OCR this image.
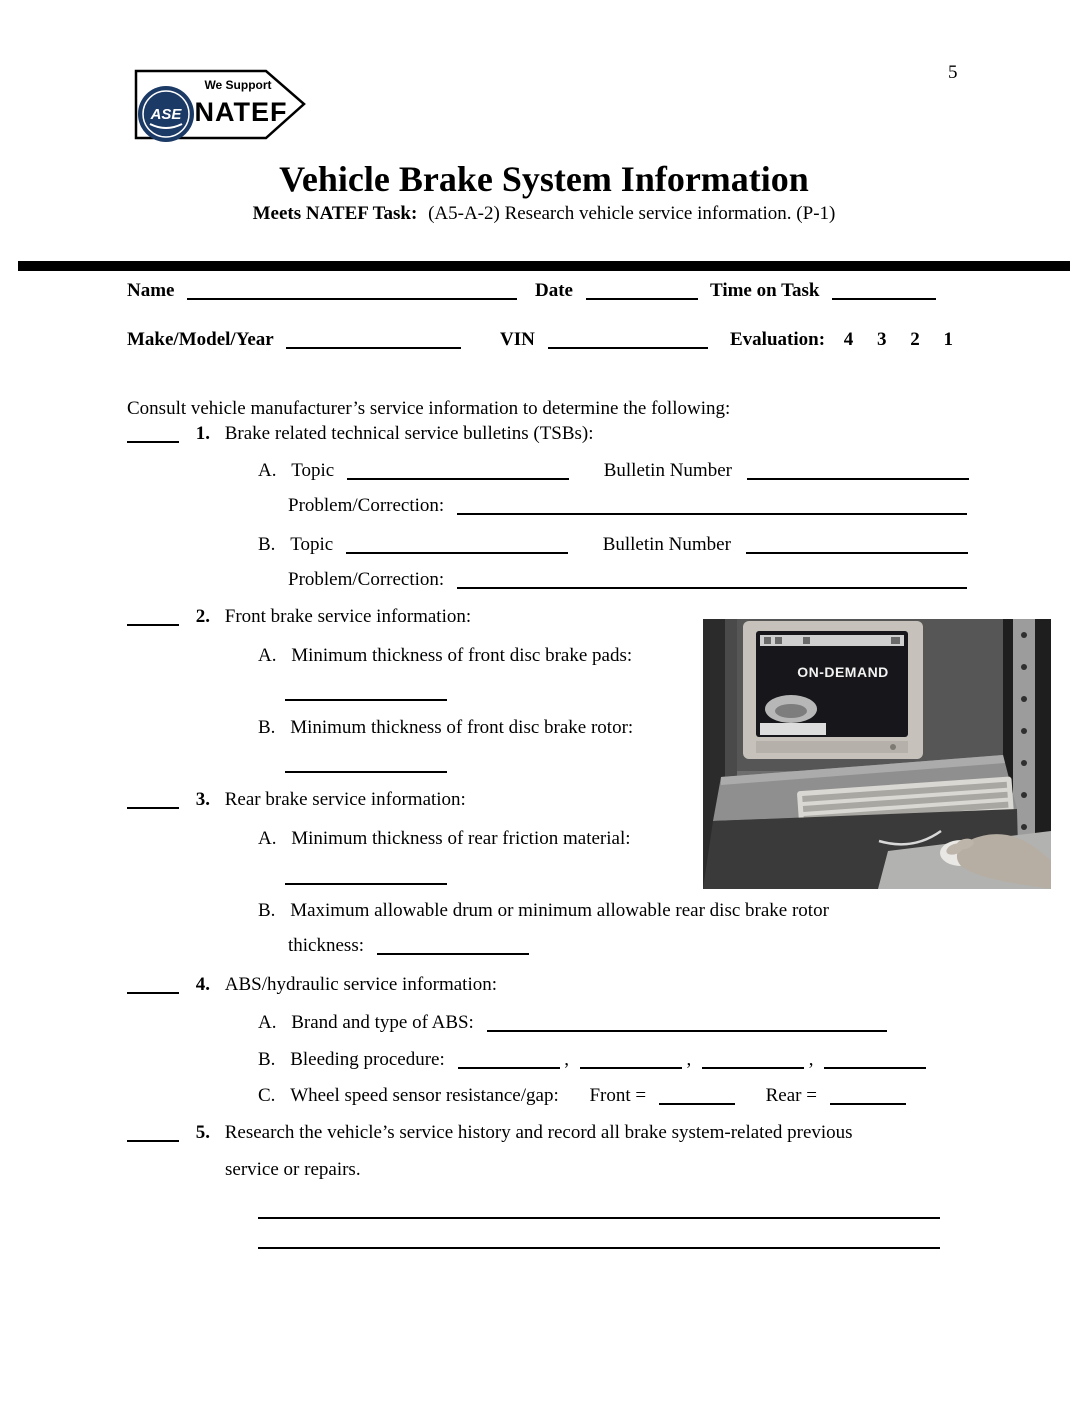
5
We Support
NATEF
ASE
Vehicle Brake System Information
Meets NATEF Task: (A5-A-2) Research vehicle service information. (P-1)
Name	Date	Time on Task
Make/Model/Year	VIN	Evaluation: 4     3     2     1
Consult vehicle manufacturer’s service information to determine the following:
1. Brake related technical service bulletins (TSBs):
A. Topic	Bulletin Number
Problem/Correction:
B. Topic	Bulletin Number
Problem/Correction:
2. Front brake service information:
A. Minimum thickness of front disc brake pads:
B. Minimum thickness of front disc brake rotor:
3. Rear brake service information:
A. Minimum thickness of rear friction material:
B. Maximum allowable drum or minimum allowable rear disc brake rotor
thickness:
4. ABS/hydraulic service information:
A. Brand and type of ABS:
B. Bleeding procedure:	,	,	,
C. Wheel speed sensor resistance/gap: Front =	Rear =
5. Research the vehicle’s service history and record all brake system-related previous
service or repairs.
ON-DEMAND
